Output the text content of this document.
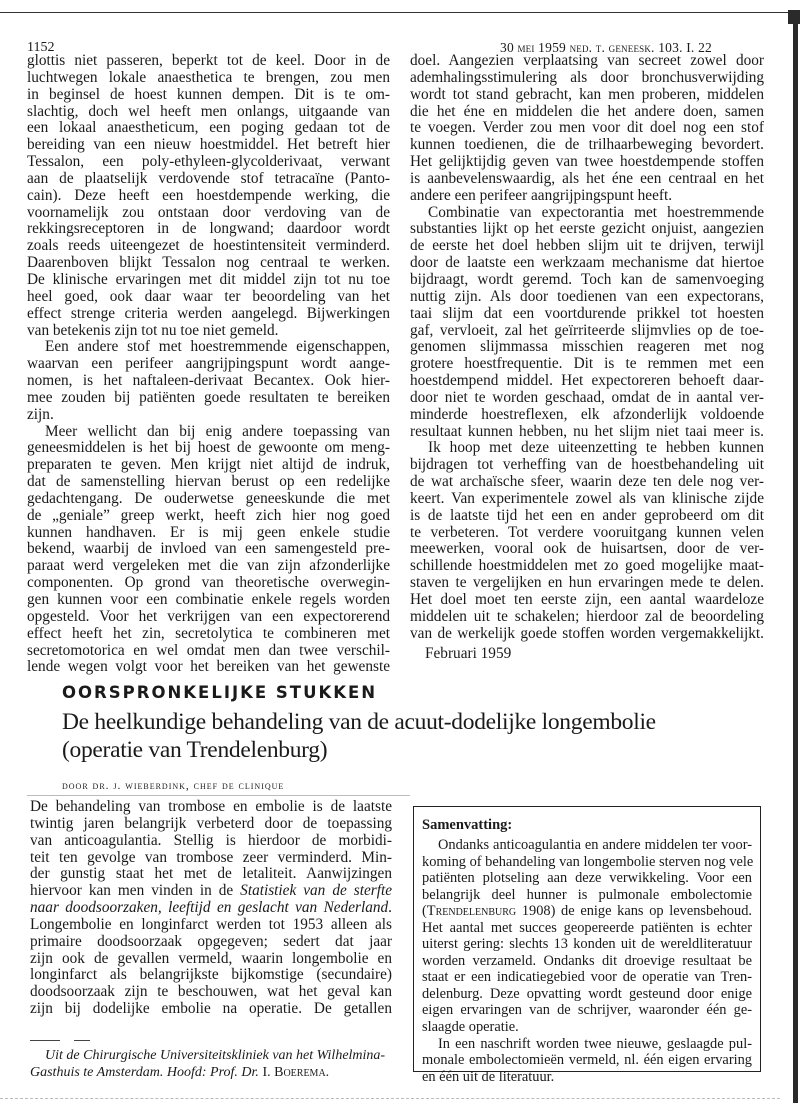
1152	30 mei 1959 ned. t. geneesk. 103. I. 22
glottis niet passeren, beperkt tot de keel. Door in de
luchtwegen lokale anaesthetica te brengen, zou men
in beginsel de hoest kunnen dempen. Dit is te om-
slachtig, doch wel heeft men onlangs, uitgaande van
een lokaal anaestheticum, een poging gedaan tot de
bereiding van een nieuw hoestmiddel. Het betreft hier
Tessalon, een poly-ethyleen-glycolderivaat, verwant
aan de plaatselijk verdovende stof tetracaïne (Panto-
cain). Deze heeft een hoestdempende werking, die
voornamelijk zou ontstaan door verdoving van de
rekkingsreceptoren in de longwand; daardoor wordt
zoals reeds uiteengezet de hoestintensiteit verminderd.
Daarenboven blijkt Tessalon nog centraal te werken.
De klinische ervaringen met dit middel zijn tot nu toe
heel goed, ook daar waar ter beoordeling van het
effect strenge criteria werden aangelegd. Bijwerkingen
van betekenis zijn tot nu toe niet gemeld.
Een andere stof met hoestremmende eigenschappen,
waarvan een perifeer aangrijpingspunt wordt aange-
nomen, is het naftaleen-derivaat Becantex. Ook hier-
mee zouden bij patiënten goede resultaten te bereiken
zijn.
Meer wellicht dan bij enig andere toepassing van
geneesmiddelen is het bij hoest de gewoonte om meng-
preparaten te geven. Men krijgt niet altijd de indruk,
dat de samenstelling hiervan berust op een redelijke
gedachtengang. De ouderwetse geneeskunde die met
de „geniale” greep werkt, heeft zich hier nog goed
kunnen handhaven. Er is mij geen enkele studie
bekend, waarbij de invloed van een samengesteld pre-
paraat werd vergeleken met die van zijn afzonderlijke
componenten. Op grond van theoretische overwegin-
gen kunnen voor een combinatie enkele regels worden
opgesteld. Voor het verkrijgen van een expectorerend
effect heeft het zin, secretolytica te combineren met
secretomotorica en wel omdat men dan twee verschil-
lende wegen volgt voor het bereiken van het gewenste
doel. Aangezien verplaatsing van secreet zowel door
ademhalingsstimulering als door bronchusverwijding
wordt tot stand gebracht, kan men proberen, middelen
die het éne en middelen die het andere doen, samen
te voegen. Verder zou men voor dit doel nog een stof
kunnen toedienen, die de trilhaarbeweging bevordert.
Het gelijktijdig geven van twee hoestdempende stoffen
is aanbevelenswaardig, als het éne een centraal en het
andere een perifeer aangrijpingspunt heeft.
Combinatie van expectorantia met hoestremmende
substanties lijkt op het eerste gezicht onjuist, aangezien
de eerste het doel hebben slijm uit te drijven, terwijl
door de laatste een werkzaam mechanisme dat hiertoe
bijdraagt, wordt geremd. Toch kan de samenvoeging
nuttig zijn. Als door toedienen van een expectorans,
taai slijm dat een voortdurende prikkel tot hoesten
gaf, vervloeit, zal het geïrriteerde slijmvlies op de toe-
genomen slijmmassa misschien reageren met nog
grotere hoestfrequentie. Dit is te remmen met een
hoestdempend middel. Het expectoreren behoeft daar-
door niet te worden geschaad, omdat de in aantal ver-
minderde hoestreflexen, elk afzonderlijk voldoende
resultaat kunnen hebben, nu het slijm niet taai meer is.
Ik hoop met deze uiteenzetting te hebben kunnen
bijdragen tot verheffing van de hoestbehandeling uit
de wat archaïsche sfeer, waarin deze ten dele nog ver-
keert. Van experimentele zowel als van klinische zijde
is de laatste tijd het een en ander geprobeerd om dit
te verbeteren. Tot verdere vooruitgang kunnen velen
meewerken, vooral ook de huisartsen, door de ver-
schillende hoestmiddelen met zo goed mogelijke maat-
staven te vergelijken en hun ervaringen mede te delen.
Het doel moet ten eerste zijn, een aantal waardeloze
middelen uit te schakelen; hierdoor zal de beoordeling
van de werkelijk goede stoffen worden vergemakkelijkt.
Februari 1959
OORSPRONKELIJKE STUKKEN
De heelkundige behandeling van de acuut-dodelijke longembolie
(operatie van Trendelenburg)
door dr. j. wieberdink, chef de clinique
De behandeling van trombose en embolie is de laatste
twintig jaren belangrijk verbeterd door de toepassing
van anticoagulantia. Stellig is hierdoor de morbidi-
teit ten gevolge van trombose zeer verminderd. Min-
der gunstig staat het met de letaliteit. Aanwijzingen
hiervoor kan men vinden in de Statistiek van de sterfte
naar doodsoorzaken, leeftijd en geslacht van Nederland.
Longembolie en longinfarct werden tot 1953 alleen als
primaire doodsoorzaak opgegeven; sedert dat jaar
zijn ook de gevallen vermeld, waarin longembolie en
longinfarct als belangrijkste bijkomstige (secundaire)
doodsoorzaak zijn te beschouwen, wat het geval kan
zijn bij dodelijke embolie na operatie. De getallen
Uit de Chirurgische Universiteitskliniek van het Wilhelmina-
Gasthuis te Amsterdam. Hoofd: Prof. Dr. I. Boerema.
Samenvatting:
Ondanks anticoagulantia en andere middelen ter voor-
koming of behandeling van longembolie sterven nog vele
patiënten plotseling aan deze verwikkeling. Voor een
belangrijk deel hunner is pulmonale embolectomie
(Trendelenburg 1908) de enige kans op levensbehoud.
Het aantal met succes geopereerde patiënten is echter
uiterst gering: slechts 13 konden uit de wereldliteratuur
worden verzameld. Ondanks dit droevige resultaat be
staat er een indicatiegebied voor de operatie van Tren-
delenburg. Deze opvatting wordt gesteund door enige
eigen ervaringen van de schrijver, waaronder één ge-
slaagde operatie.
In een naschrift worden twee nieuwe, geslaagde pul-
monale embolectomieën vermeld, nl. één eigen ervaring
en één uit de literatuur.
